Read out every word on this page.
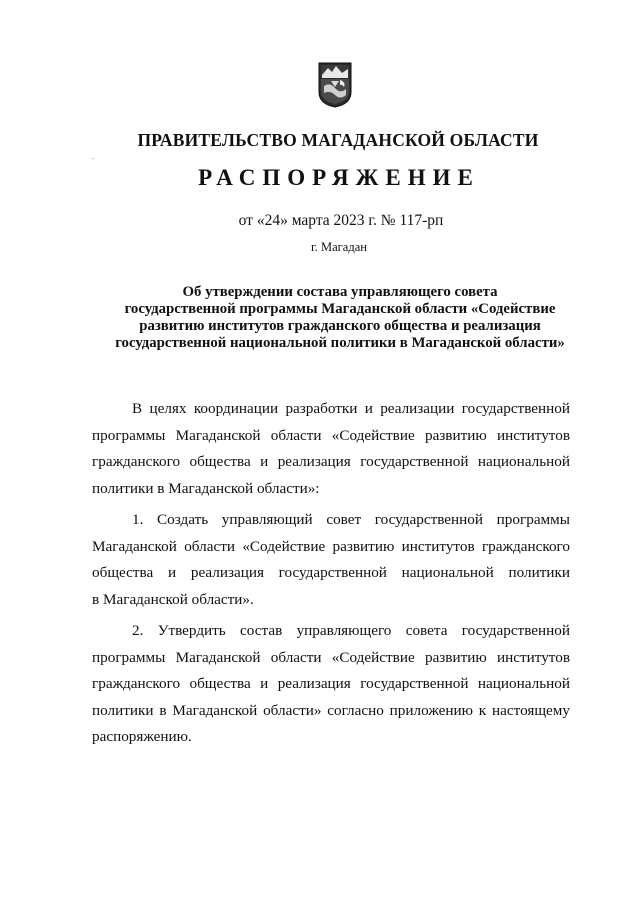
ПРАВИТЕЛЬСТВО МАГАДАНСКОЙ ОБЛАСТИ
РАСПОРЯЖЕНИЕ
от «24» марта 2023 г. № 117-рп
г. Магадан
Об утверждении состава управляющего совета
государственной программы Магаданской области «Содействие
развитию институтов гражданского общества и реализация
государственной национальной политики в Магаданской области»

В целях координации разработки и реализации государственной
программы Магаданской области «Содействие развитию институтов
гражданского общества и реализация государственной национальной
политики в Магаданской области»:

1. Создать управляющий совет государственной программы
Магаданской области «Содействие развитию институтов гражданского
общества и реализация государственной национальной политики
в Магаданской области».

2. Утвердить состав управляющего совета государственной
программы Магаданской области «Содействие развитию институтов
гражданского общества и реализация государственной национальной
политики в Магаданской области» согласно приложению к настоящему
распоряжению.
